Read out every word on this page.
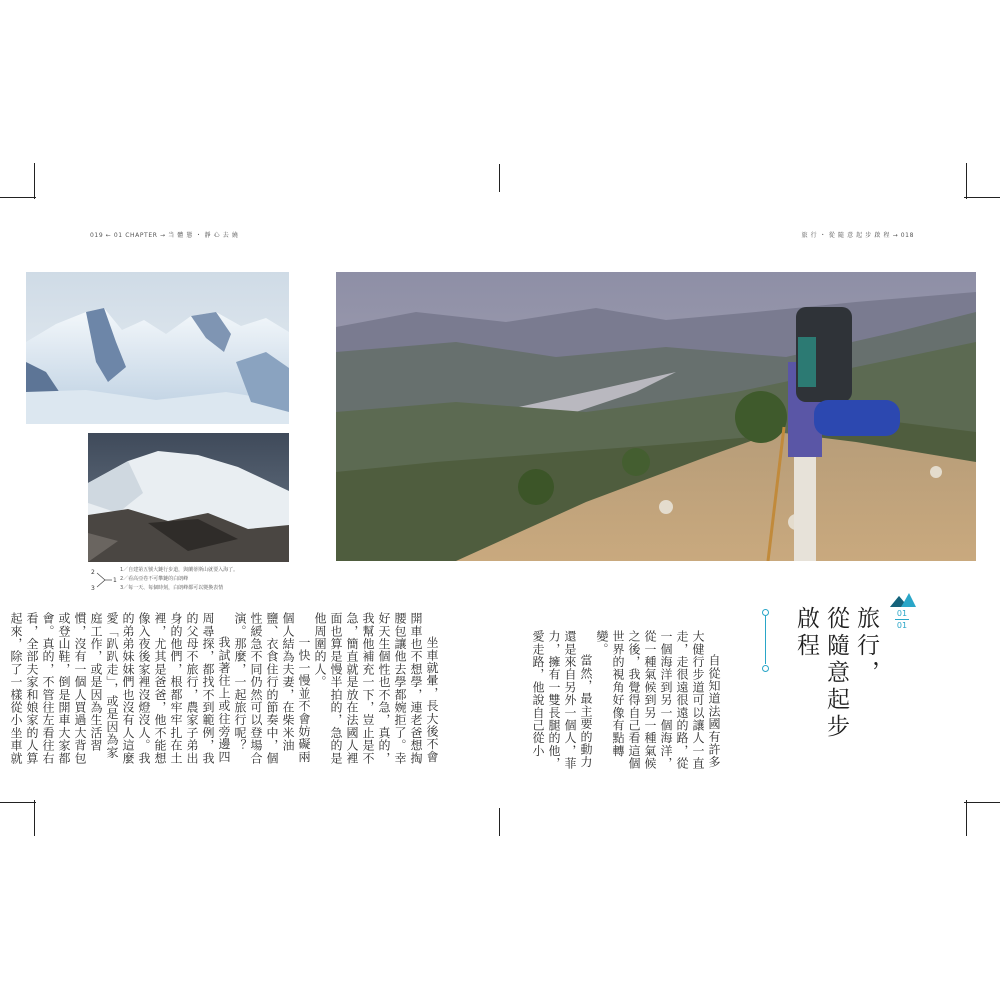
019 ← 01 CHAPTER → 当 體 態 ・ 靜 心 去 繞	旅 行 ・ 從 隨 意 起 步 啟 程 → 018
2
1
3
1／自建第五號大鏈行步道，與蘭蒂斯山就要入海了。
2／看高亞卷不可攀鏈的白朗峰
3／每一天、每個時刻，白朗峰都可以變換表情
01
01
旅行，
從隨意起步
啟程

自從知道法國有許多大健行步道可以讓人一直走，走很遠很遠的路，從一個海洋到另一個海洋，從一種氣候到另一種氣候之後，我覺得自己看這個世界的視角好像有點轉變。

當然，最主要的動力還是來自另外一個人，菲力，擁有一雙長腿的他，愛走路，他說自己從小

坐車就暈，長大後不會開車也不想學，連老爸想掏腰包讓他去學都婉拒了。幸好天生個性也不急，真的，我幫他補充一下，豈止是不急，簡直就是放在法國人裡面也算是慢半拍的，急的是他周圍的人。

一快一慢並不會妨礙兩個人結為夫妻，在柴米油鹽、衣食住行的節奏中，個性緩急不同仍然可以登場合演。那麼，一起旅行呢？

我試著往上或往旁邊四周尋探，都找不到範例，我的父母不旅行，農家子弟出身的他們，根都牢牢扎在土裡，尤其是爸爸，他不能想像入夜後家裡沒燈沒人。我的弟弟妹妹們也沒有人這麼愛「趴趴走」，或是因為家庭工作，或是因為生活習慣，沒有一個人買過大背包或登山鞋，倒是開車大家都會。真的，不管往左看往右看，全部夫家和娘家的人算起來，除了一樣從小坐車就
